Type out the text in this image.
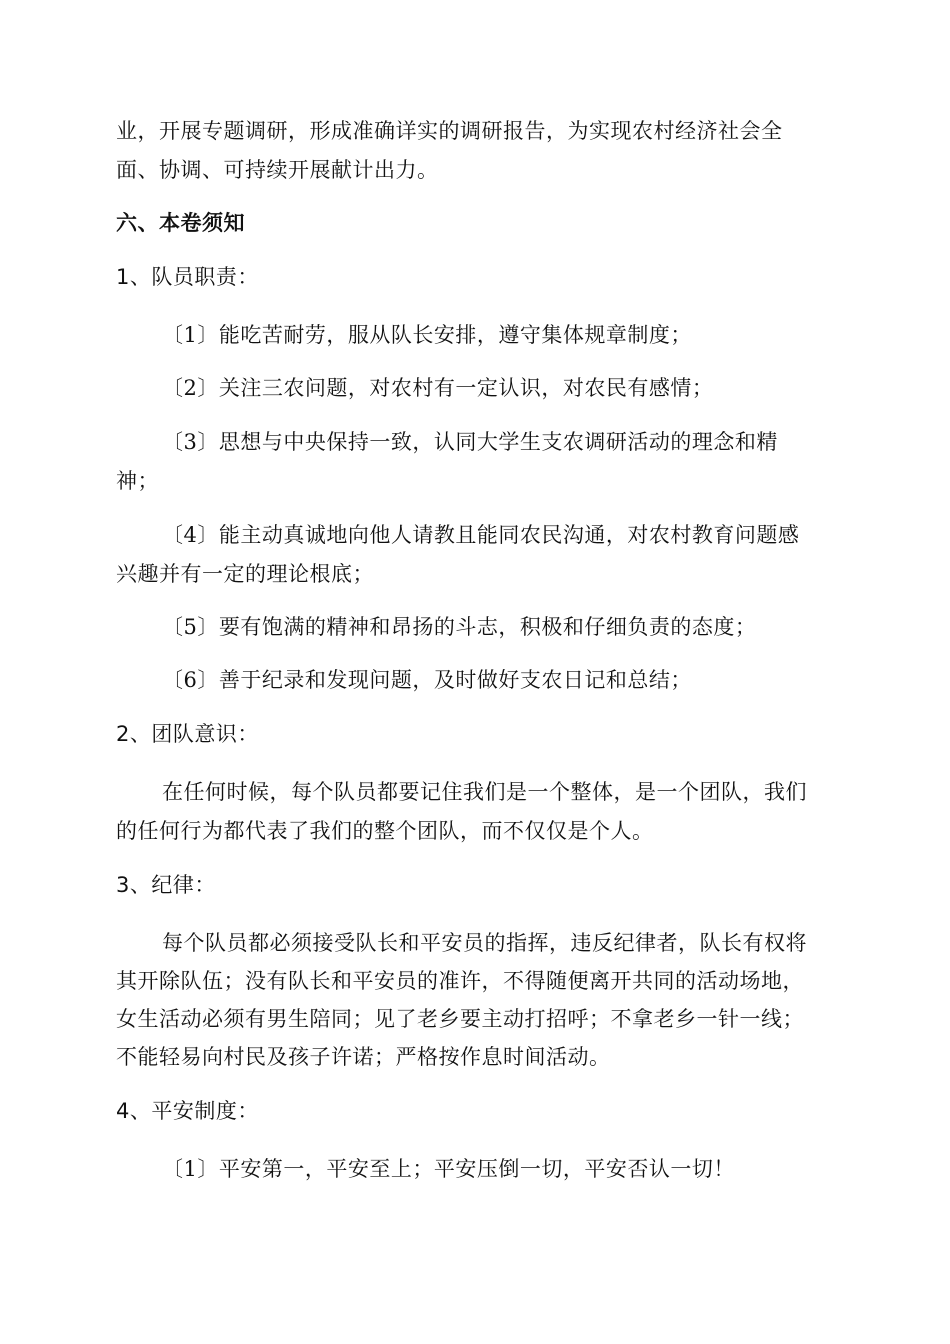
业，开展专题调研，形成准确详实的调研报告，为实现农村经济社会全
面、协调、可持续开展献计出力。
六、本卷须知
1、队员职责：
〔1〕能吃苦耐劳，服从队长安排，遵守集体规章制度；
〔2〕关注三农问题，对农村有一定认识，对农民有感情；
〔3〕思想与中央保持一致，认同大学生支农调研活动的理念和精
神；
〔4〕能主动真诚地向他人请教且能同农民沟通，对农村教育问题感
兴趣并有一定的理论根底；
〔5〕要有饱满的精神和昂扬的斗志，积极和仔细负责的态度；
〔6〕善于纪录和发现问题，及时做好支农日记和总结；
2、团队意识：
在任何时候，每个队员都要记住我们是一个整体，是一个团队，我们
的任何行为都代表了我们的整个团队，而不仅仅是个人。
3、纪律：
每个队员都必须接受队长和平安员的指挥，违反纪律者，队长有权将
其开除队伍；没有队长和平安员的准许，不得随便离开共同的活动场地，
女生活动必须有男生陪同；见了老乡要主动打招呼；不拿老乡一针一线；
不能轻易向村民及孩子许诺；严格按作息时间活动。
4、平安制度：
〔1〕平安第一，平安至上；平安压倒一切，平安否认一切！
